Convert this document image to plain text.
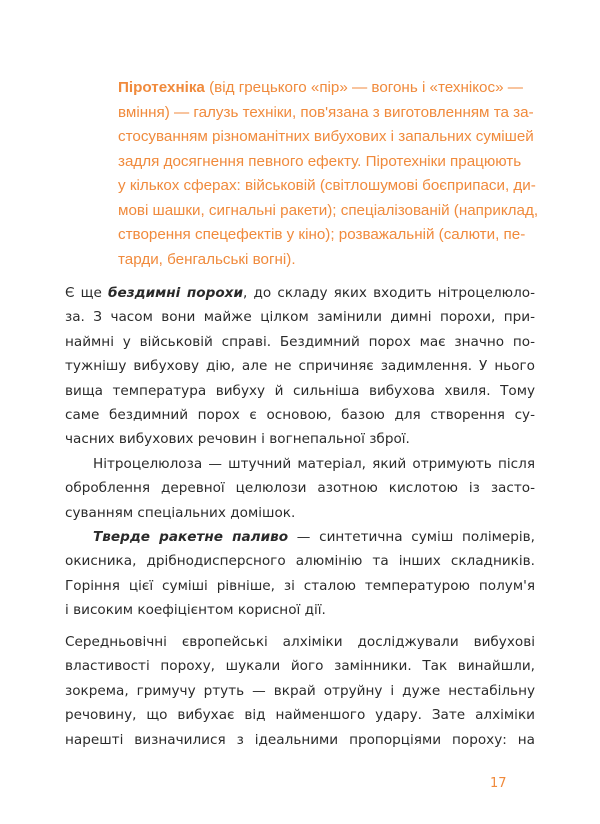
Піротехніка (від грецького «пір» — вогонь і «технікос» —
вміння) — галузь техніки, пов'язана з виготовленням та за-
стосуванням різноманітних вибухових і запальних сумішей
задля досягнення певного ефекту. Піротехніки працюють
у кількох сферах: військовій (світлошумові боєприпаси, ди-
мові шашки, сигнальні ракети); спеціалізованій (наприклад,
створення спецефектів у кіно); розважальній (салюти, пе-
тарди, бенгальські вогні).
Є ще бездимні порохи, до складу яких входить нітроцелюло-
за. З часом вони майже цілком замінили димні порохи, при-
наймні у військовій справі. Бездимний порох має значно по-
тужнішу вибухову дію, але не спричиняє задимлення. У нього
вища температура вибуху й сильніша вибухова хвиля. Тому
саме бездимний порох є основою, базою для створення су-
часних вибухових речовин і вогнепальної зброї.
Нітроцелюлоза — штучний матеріал, який отримують після
оброблення деревної целюлози азотною кислотою із засто-
суванням спеціальних домішок.
Тверде ракетне паливо — синтетична суміш полімерів,
окисника, дрібнодисперсного алюмінію та інших складників.
Горіння цієї суміші рівніше, зі сталою температурою полум'я
і високим коефіцієнтом корисної дії.
Середньовічні європейські алхіміки досліджували вибухові
властивості пороху, шукали його замінники. Так винайшли,
зокрема, гримучу ртуть — вкрай отруйну і дуже нестабільну
речовину, що вибухає від найменшого удару. Зате алхіміки
нарешті визначилися з ідеальними пропорціями пороху: на
17
